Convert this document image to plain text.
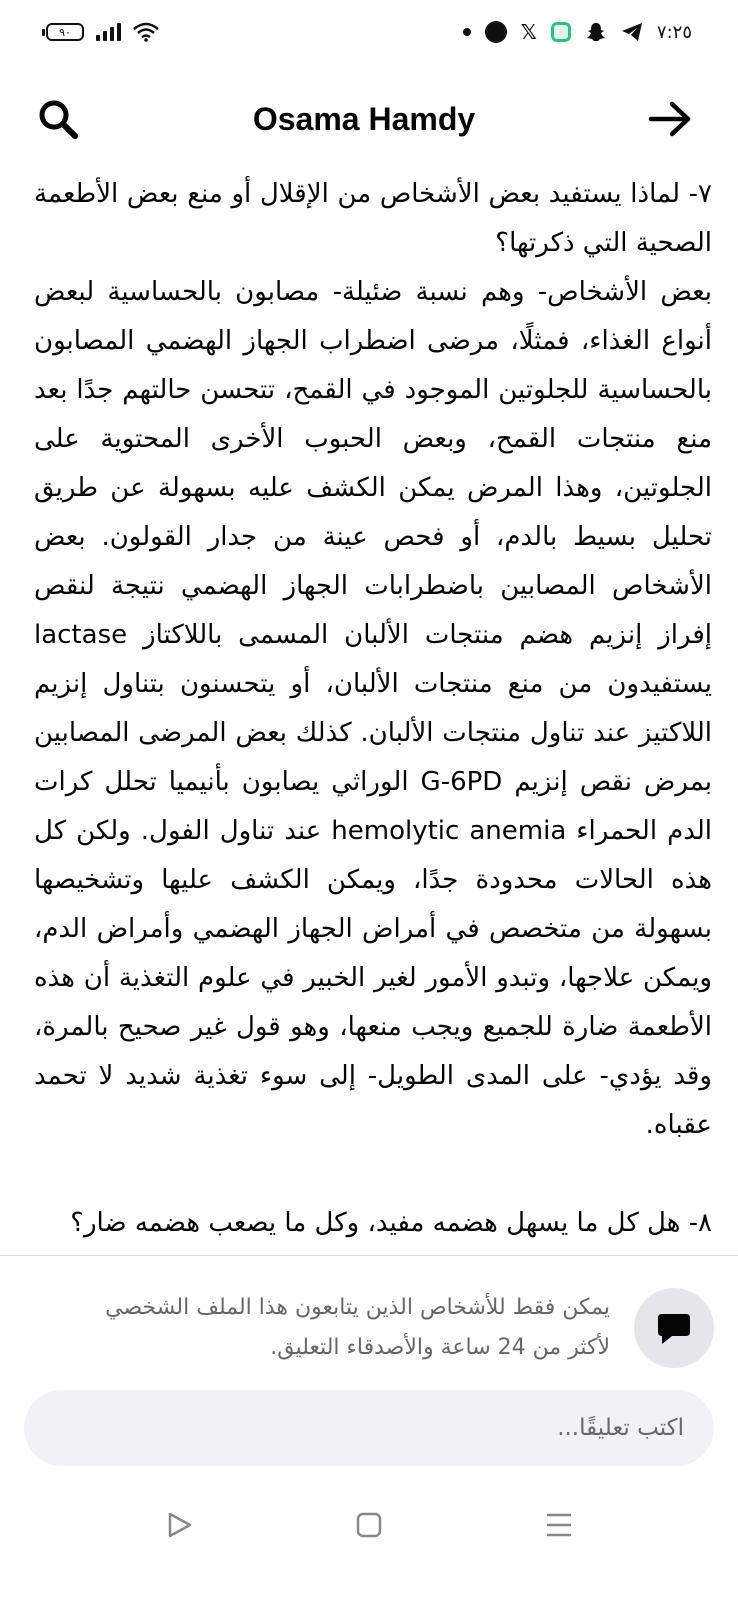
٩٠	𝕏	٧:٢٥
Osama Hamdy

٧- لماذا يستفيد بعض الأشخاص من الإقلال أو منع بعض الأطعمة الصحية التي ذكرتها؟

بعض الأشخاص- وهم نسبة ضئيلة- مصابون بالحساسية لبعض أنواع الغذاء، فمثلًا، مرضى اضطراب الجهاز الهضمي المصابون بالحساسية للجلوتين الموجود في القمح، تتحسن حالتهم جدًا بعد منع منتجات القمح، وبعض الحبوب الأخرى المحتوية على الجلوتين، وهذا المرض يمكن الكشف عليه بسهولة عن طريق تحليل بسيط بالدم، أو فحص عينة من جدار القولون. بعض الأشخاص المصابين باضطرابات الجهاز الهضمي نتيجة لنقص إفراز إنزيم هضم منتجات الألبان المسمى باللاكتاز lactase يستفيدون من منع منتجات الألبان، أو يتحسنون بتناول إنزيم اللاكتيز عند تناول منتجات الألبان. كذلك بعض المرضى المصابين بمرض نقص إنزيم G-6PD الوراثي يصابون بأنيميا تحلل كرات الدم الحمراء hemolytic anemia عند تناول الفول. ولكن كل هذه الحالات محدودة جدًا، ويمكن الكشف عليها وتشخيصها بسهولة من متخصص في أمراض الجهاز الهضمي وأمراض الدم، ويمكن علاجها، وتبدو الأمور لغير الخبير في علوم التغذية أن هذه الأطعمة ضارة للجميع ويجب منعها، وهو قول غير صحيح بالمرة، وقد يؤدي- على المدى الطويل- إلى سوء تغذية شديد لا تحمد عقباه.

٨- هل كل ما يسهل هضمه مفيد، وكل ما يصعب هضمه ضار؟

يمكن فقط للأشخاص الذين يتابعون هذا الملف الشخصي لأكثر من 24 ساعة والأصدقاء التعليق.
اكتب تعليقًا...
